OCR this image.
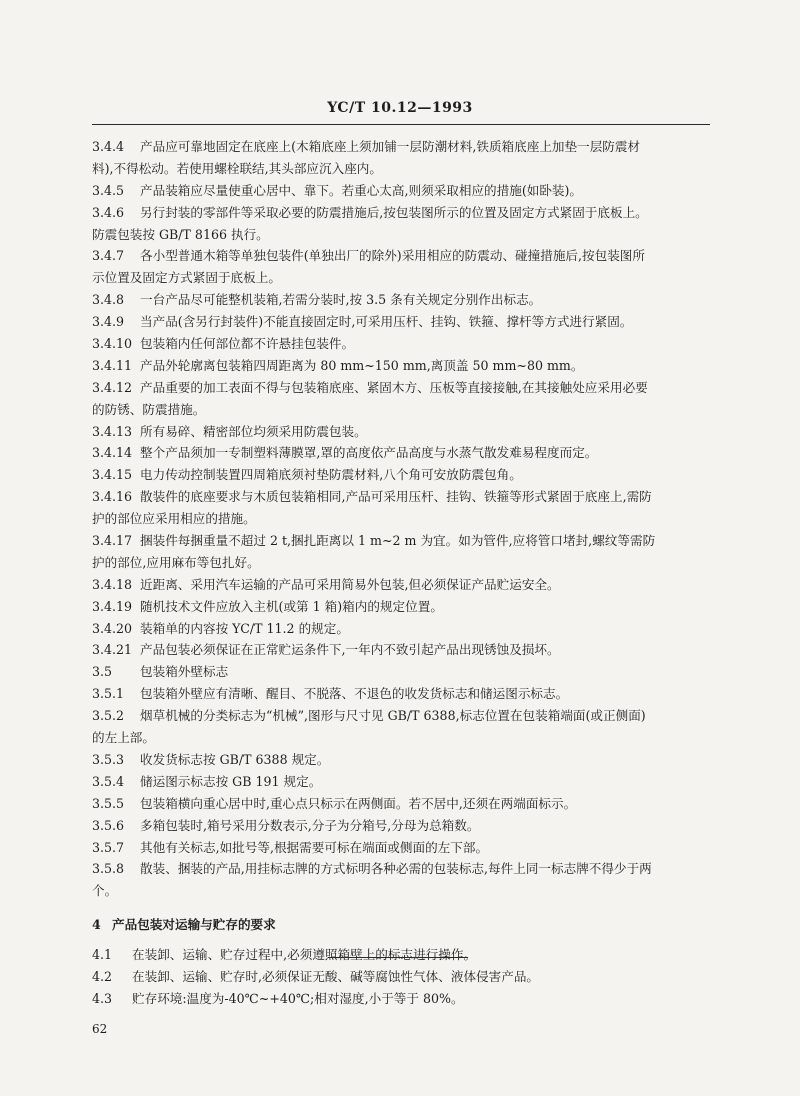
YC/T 10.12—1993
3.4.4 产品应可靠地固定在底座上(木箱底座上须加铺一层防潮材料,铁质箱底座上加垫一层防震材
料),不得松动。若使用螺栓联结,其头部应沉入座内。
3.4.5 产品装箱应尽量使重心居中、靠下。若重心太高,则须采取相应的措施(如卧装)。
3.4.6 另行封装的零部件等采取必要的防震措施后,按包装图所示的位置及固定方式紧固于底板上。
防震包装按 GB/T 8166 执行。
3.4.7 各小型普通木箱等单独包装件(单独出厂的除外)采用相应的防震动、碰撞措施后,按包装图所
示位置及固定方式紧固于底板上。
3.4.8 一台产品尽可能整机装箱,若需分装时,按 3.5 条有关规定分别作出标志。
3.4.9 当产品(含另行封装件)不能直接固定时,可采用压杆、挂钩、铁箍、撑杆等方式进行紧固。
3.4.10 包装箱内任何部位都不许悬挂包装件。
3.4.11 产品外轮廓离包装箱四周距离为 80 mm~150 mm,离顶盖 50 mm~80 mm。
3.4.12 产品重要的加工表面不得与包装箱底座、紧固木方、压板等直接接触,在其接触处应采用必要
的防锈、防震措施。
3.4.13 所有易碎、精密部位均须采用防震包装。
3.4.14 整个产品须加一专制塑料薄膜罩,罩的高度依产品高度与水蒸气散发难易程度而定。
3.4.15 电力传动控制装置四周箱底须衬垫防震材料,八个角可安放防震包角。
3.4.16 散装件的底座要求与木质包装箱相同,产品可采用压杆、挂钩、铁箍等形式紧固于底座上,需防
护的部位应采用相应的措施。
3.4.17 捆装件每捆重量不超过 2 t,捆扎距离以 1 m~2 m 为宜。如为管件,应将管口堵封,螺纹等需防
护的部位,应用麻布等包扎好。
3.4.18 近距离、采用汽车运输的产品可采用简易外包装,但必须保证产品贮运安全。
3.4.19 随机技术文件应放入主机(或第 1 箱)箱内的规定位置。
3.4.20 装箱单的内容按 YC/T 11.2 的规定。
3.4.21 产品包装必须保证在正常贮运条件下,一年内不致引起产品出现锈蚀及损坏。
3.5 包装箱外壁标志
3.5.1 包装箱外壁应有清晰、醒目、不脱落、不退色的收发货标志和储运图示标志。
3.5.2 烟草机械的分类标志为“机械”,图形与尺寸见 GB/T 6388,标志位置在包装箱端面(或正侧面)
的左上部。
3.5.3 收发货标志按 GB/T 6388 规定。
3.5.4 储运图示标志按 GB 191 规定。
3.5.5 包装箱横向重心居中时,重心点只标示在两侧面。若不居中,还须在两端面标示。
3.5.6 多箱包装时,箱号采用分数表示,分子为分箱号,分母为总箱数。
3.5.7 其他有关标志,如批号等,根据需要可标在端面或侧面的左下部。
3.5.8 散装、捆装的产品,用挂标志牌的方式标明各种必需的包装标志,每件上同一标志牌不得少于两
个。
4 产品包装对运输与贮存的要求
4.1 在装卸、运输、贮存过程中,必须遵照箱壁上的标志进行操作。
4.2 在装卸、运输、贮存时,必须保证无酸、碱等腐蚀性气体、液体侵害产品。
4.3 贮存环境:温度为-40℃~+40℃;相对湿度,小于等于 80%。
62
